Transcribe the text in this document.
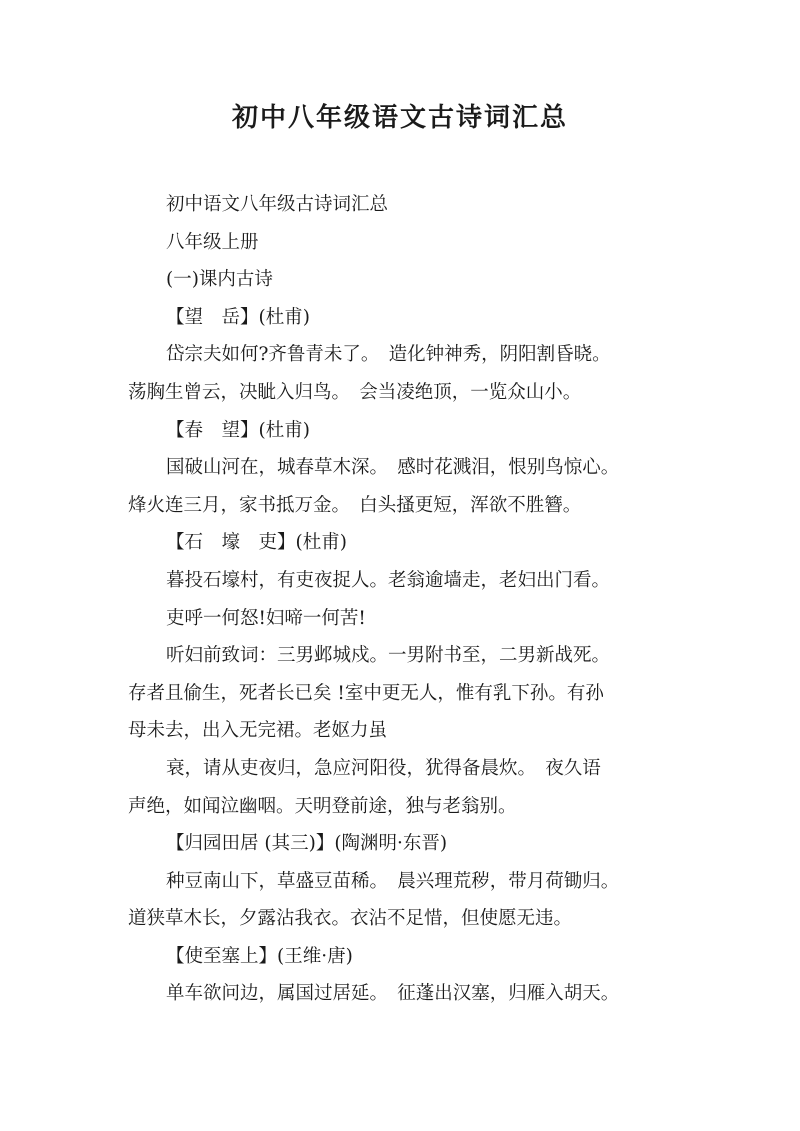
初中八年级语文古诗词汇总

初中语文八年级古诗词汇总

八年级上册

(一)课内古诗

【望　岳】(杜甫)

岱宗夫如何?齐鲁青未了。　造化钟神秀，阴阳割昏晓。

荡胸生曾云，决眦入归鸟。　会当凌绝顶，一览众山小。

【春　望】(杜甫)

国破山河在，城春草木深。　感时花溅泪，恨别鸟惊心。

烽火连三月，家书抵万金。　白头搔更短，浑欲不胜簪。

【石　壕　吏】(杜甫)

暮投石壕村，有吏夜捉人。老翁逾墙走，老妇出门看。

吏呼一何怒!妇啼一何苦!

听妇前致词：三男邺城戍。一男附书至，二男新战死。

存者且偷生，死者长已矣 !室中更无人，惟有乳下孙。有孙

母未去，出入无完裙。老妪力虽

衰，请从吏夜归，急应河阳役，犹得备晨炊。　夜久语

声绝，如闻泣幽咽。天明登前途，独与老翁别。

【归园田居 (其三)】(陶渊明·东晋)

种豆南山下，草盛豆苗稀。　晨兴理荒秽，带月荷锄归。

道狭草木长，夕露沾我衣。衣沾不足惜，但使愿无违。

【使至塞上】(王维·唐)

单车欲问边，属国过居延。　征蓬出汉塞，归雁入胡天。
